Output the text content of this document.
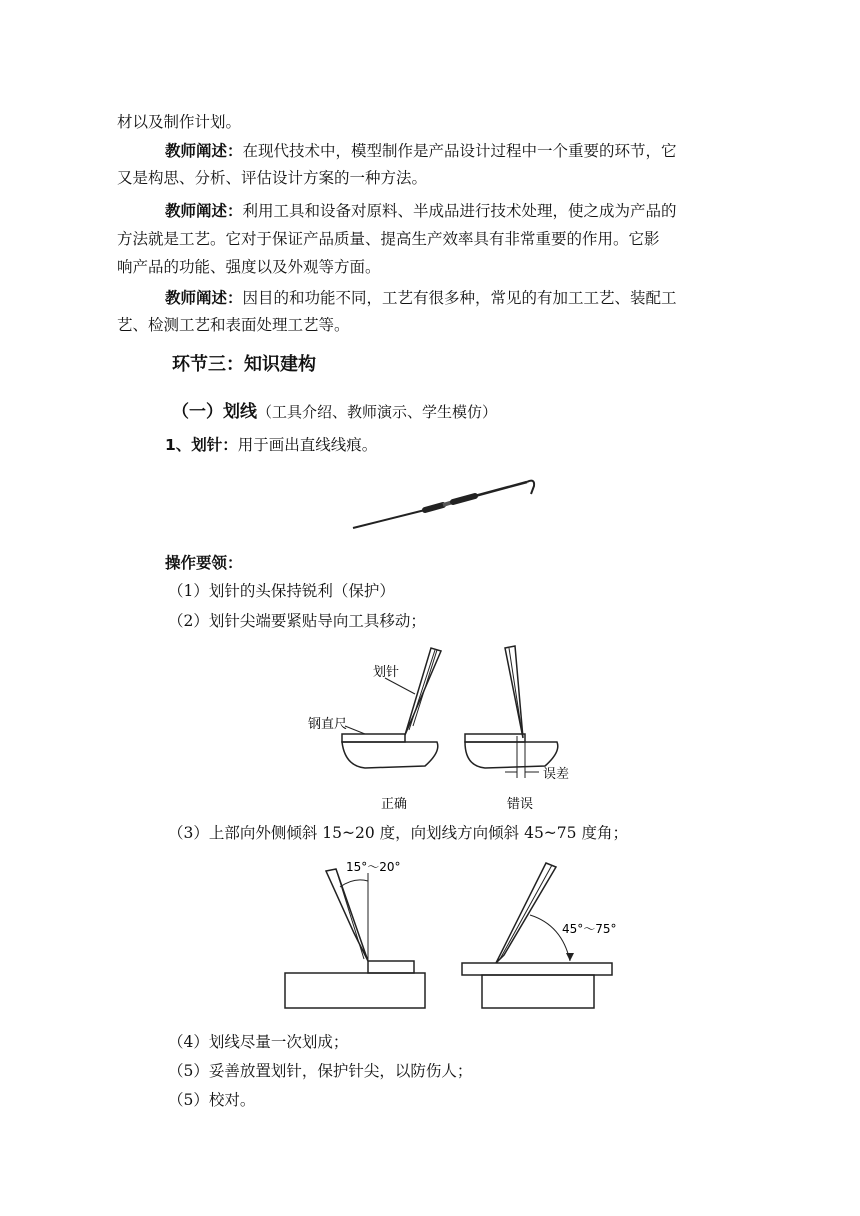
材以及制作计划。
教师阐述：在现代技术中，模型制作是产品设计过程中一个重要的环节，它
又是构思、分析、评估设计方案的一种方法。
教师阐述：利用工具和设备对原料、半成品进行技术处理，使之成为产品的
方法就是工艺。它对于保证产品质量、提高生产效率具有非常重要的作用。它影
响产品的功能、强度以及外观等方面。
教师阐述：因目的和功能不同，工艺有很多种，常见的有加工工艺、装配工
艺、检测工艺和表面处理工艺等。
环节三：知识建构
（一）划线（工具介绍、教师演示、学生模仿）
1、划针：用于画出直线线痕。
操作要领：
（1）划针的头保持锐利（保护）
（2）划针尖端要紧贴导向工具移动；
划针
钢直尺
误差
正确	错误
（3）上部向外侧倾斜 15~20 度，向划线方向倾斜 45~75 度角；
15°～20°
45°～75°
（4）划线尽量一次划成；
（5）妥善放置划针，保护针尖，以防伤人；
（5）校对。
